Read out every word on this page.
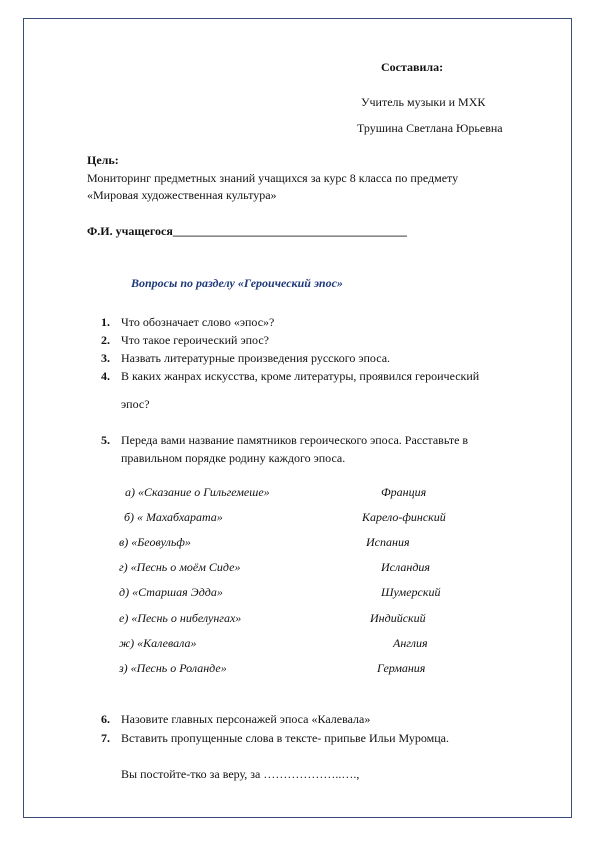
Составила:
Учитель музыки и МХК
Трушина Светлана Юрьевна
Цель:
Мониторинг предметных знаний учащихся за курс 8 класса по предмету
«Мировая художественная культура»
Ф.И. учащегося_______________________________________
Вопросы по разделу «Героический эпос»
1. Что обозначает слово «эпос»?
2. Что такое героический эпос?
3. Назвать литературные произведения русского эпоса.
4. В каких жанрах искусства, кроме литературы, проявился героический
эпос?
5. Передa вами название памятников героического эпоса. Расставьте в
правильном порядке родину каждого эпоса.
а) «Сказание о Гильгемеше»	Франция
б) « Махабхарата»	Карело-финский
в) «Беовульф»	Испания
г) «Песнь о моём Сиде»	Исландия
д) «Старшая Эдда»	Шумерский
е) «Песнь о нибелунгах»	Индийский
ж) «Калевала»	Англия
з) «Песнь о Роланде»	Германия
6. Назовите главных персонажей эпоса «Калевала»
7. Вставить пропущенные слова в тексте- припьве Ильи Муромца.
Вы постойте-тко за веру, за ………………..….,
